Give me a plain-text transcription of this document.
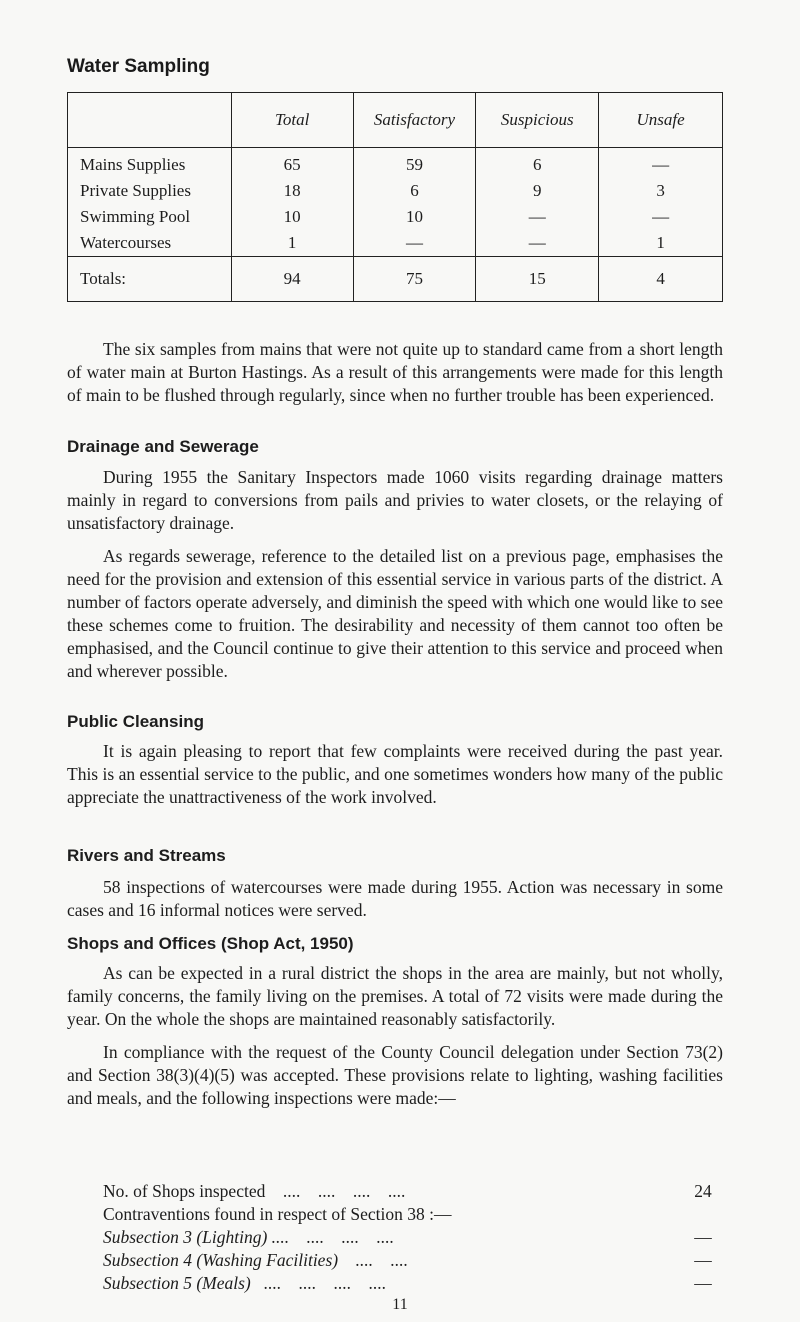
Water Sampling
	Total	Satisfactory	Suspicious	Unsafe
Mains Supplies	65	59	6	—
Private Supplies	18	6	9	3
Swimming Pool	10	10	—	—
Watercourses	1	—	—	1
Totals:	94	75	15	4

The six samples from mains that were not quite up to standard came from a short length of water main at Burton Hastings. As a result of this arrangements were made for this length of main to be flushed through regularly, since when no further trouble has been experienced.

Drainage and Sewerage

During 1955 the Sanitary Inspectors made 1060 visits regarding drainage matters mainly in regard to conversions from pails and privies to water closets, or the relaying of unsatisfactory drainage.

As regards sewerage, reference to the detailed list on a previous page, emphasises the need for the provision and extension of this essential service in various parts of the district. A number of factors operate adversely, and diminish the speed with which one would like to see these schemes come to fruition. The desirability and necessity of them cannot too often be emphasised, and the Council continue to give their attention to this service and proceed when and wherever possible.

Public Cleansing

It is again pleasing to report that few complaints were received during the past year. This is an essential service to the public, and one sometimes wonders how many of the public appreciate the unattractiveness of the work involved.

Rivers and Streams

58 inspections of watercourses were made during 1955. Action was necessary in some cases and 16 informal notices were served.

Shops and Offices (Shop Act, 1950)

As can be expected in a rural district the shops in the area are mainly, but not wholly, family concerns, the family living on the premises. A total of 72 visits were made during the year. On the whole the shops are maintained reasonably satisfactorily.

In compliance with the request of the County Council delegation under Section 73(2) and Section 38(3)(4)(5) was accepted. These provisions relate to lighting, washing facilities and meals, and the following inspections were made:—

No. of Shops inspected    ....    ....    ....    ....	24
Contraventions found in respect of Section 38 :—
Subsection 3 (Lighting) ....    ....    ....    ....	—
Subsection 4 (Washing Facilities)    ....    ....	—
Subsection 5 (Meals)   ....    ....    ....    ....	—
11
